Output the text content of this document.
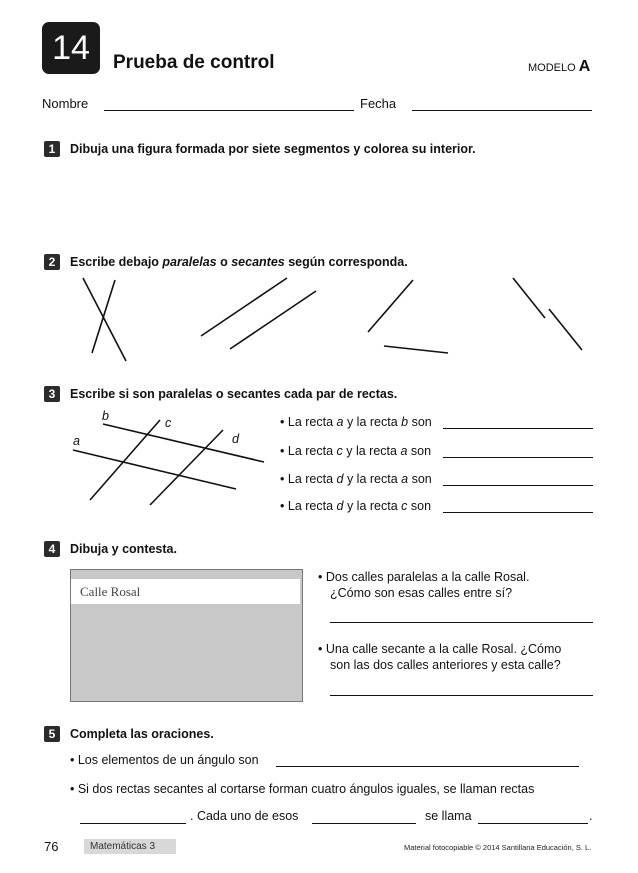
14	Prueba de control	MODELO A
Nombre	Fecha
1	Dibuja una figura formada por siete segmentos y colorea su interior.
2	Escribe debajo paralelas o secantes según corresponda.
3	Escribe si son paralelas o secantes cada par de rectas.
b	c
a	d
• La recta a y la recta b son
• La recta c y la recta a son
• La recta d y la recta a son
• La recta d y la recta c son
4	Dibuja y contesta.
Calle Rosal
• Dos calles paralelas a la calle Rosal.
¿Cómo son esas calles entre sí?
• Una calle secante a la calle Rosal. ¿Cómo
son las dos calles anteriores y esta calle?
5	Completa las oraciones.
• Los elementos de un ángulo son
• Si dos rectas secantes al cortarse forman cuatro ángulos iguales, se llaman rectas
. Cada uno de esos	se llama	.
76	Matemáticas 3	Material fotocopiable © 2014 Santillana Educación, S. L.
